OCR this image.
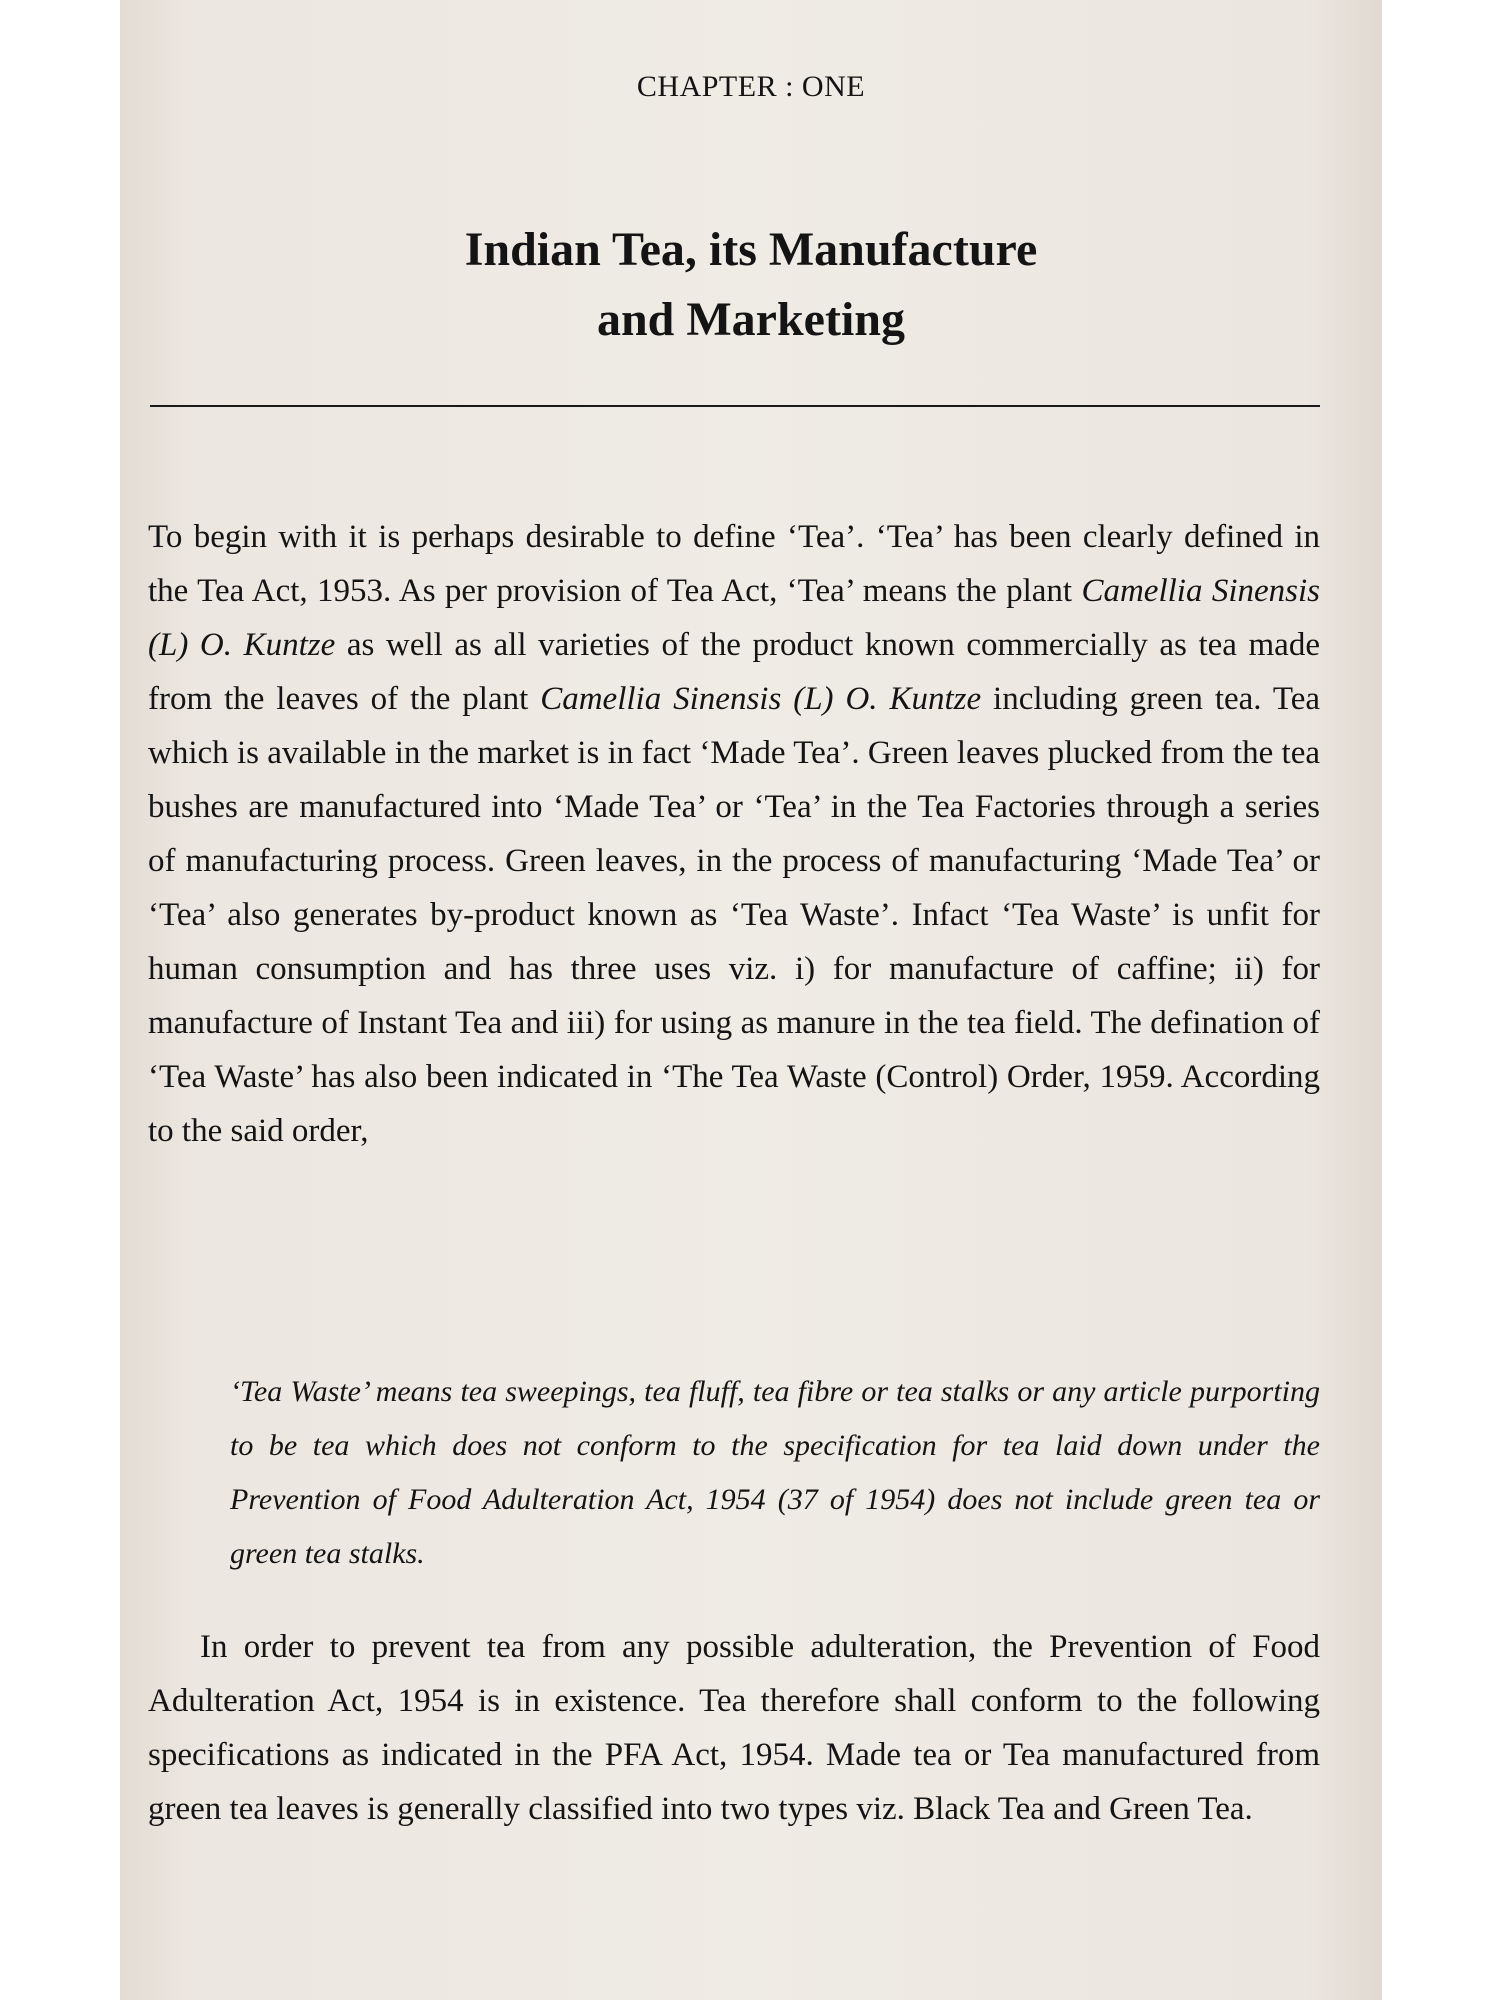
CHAPTER : ONE
Indian Tea, its Manufacture
and Marketing

To begin with it is perhaps desirable to define ‘Tea’. ‘Tea’ has been clearly defined in the Tea Act, 1953. As per provision of Tea Act, ‘Tea’ means the plant Camellia Sinensis (L) O. Kuntze as well as all varieties of the product known commercially as tea made from the leaves of the plant Camellia Sinensis (L) O. Kuntze including green tea. Tea which is available in the market is in fact ‘Made Tea’. Green leaves plucked from the tea bushes are manufactured into ‘Made Tea’ or ‘Tea’ in the Tea Factories through a series of manufacturing process. Green leaves, in the process of manufacturing ‘Made Tea’ or ‘Tea’ also generates by-product known as ‘Tea Waste’. Infact ‘Tea Waste’ is unfit for human consumption and has three uses viz. i) for manufacture of caffine; ii) for manufacture of Instant Tea and iii) for using as manure in the tea field. The defination of ‘Tea Waste’ has also been indicated in ‘The Tea Waste (Control) Order, 1959. According to the said order,

‘Tea Waste’ means tea sweepings, tea fluff, tea fibre or tea stalks or any article purporting to be tea which does not conform to the specification for tea laid down under the Prevention of Food Adulteration Act, 1954 (37 of 1954) does not include green tea or green tea stalks.

In order to prevent tea from any possible adulteration, the Prevention of Food Adulteration Act, 1954 is in existence. Tea therefore shall conform to the following specifications as indicated in the PFA Act, 1954. Made tea or Tea manufactured from green tea leaves is generally classified into two types viz. Black Tea and Green Tea.
